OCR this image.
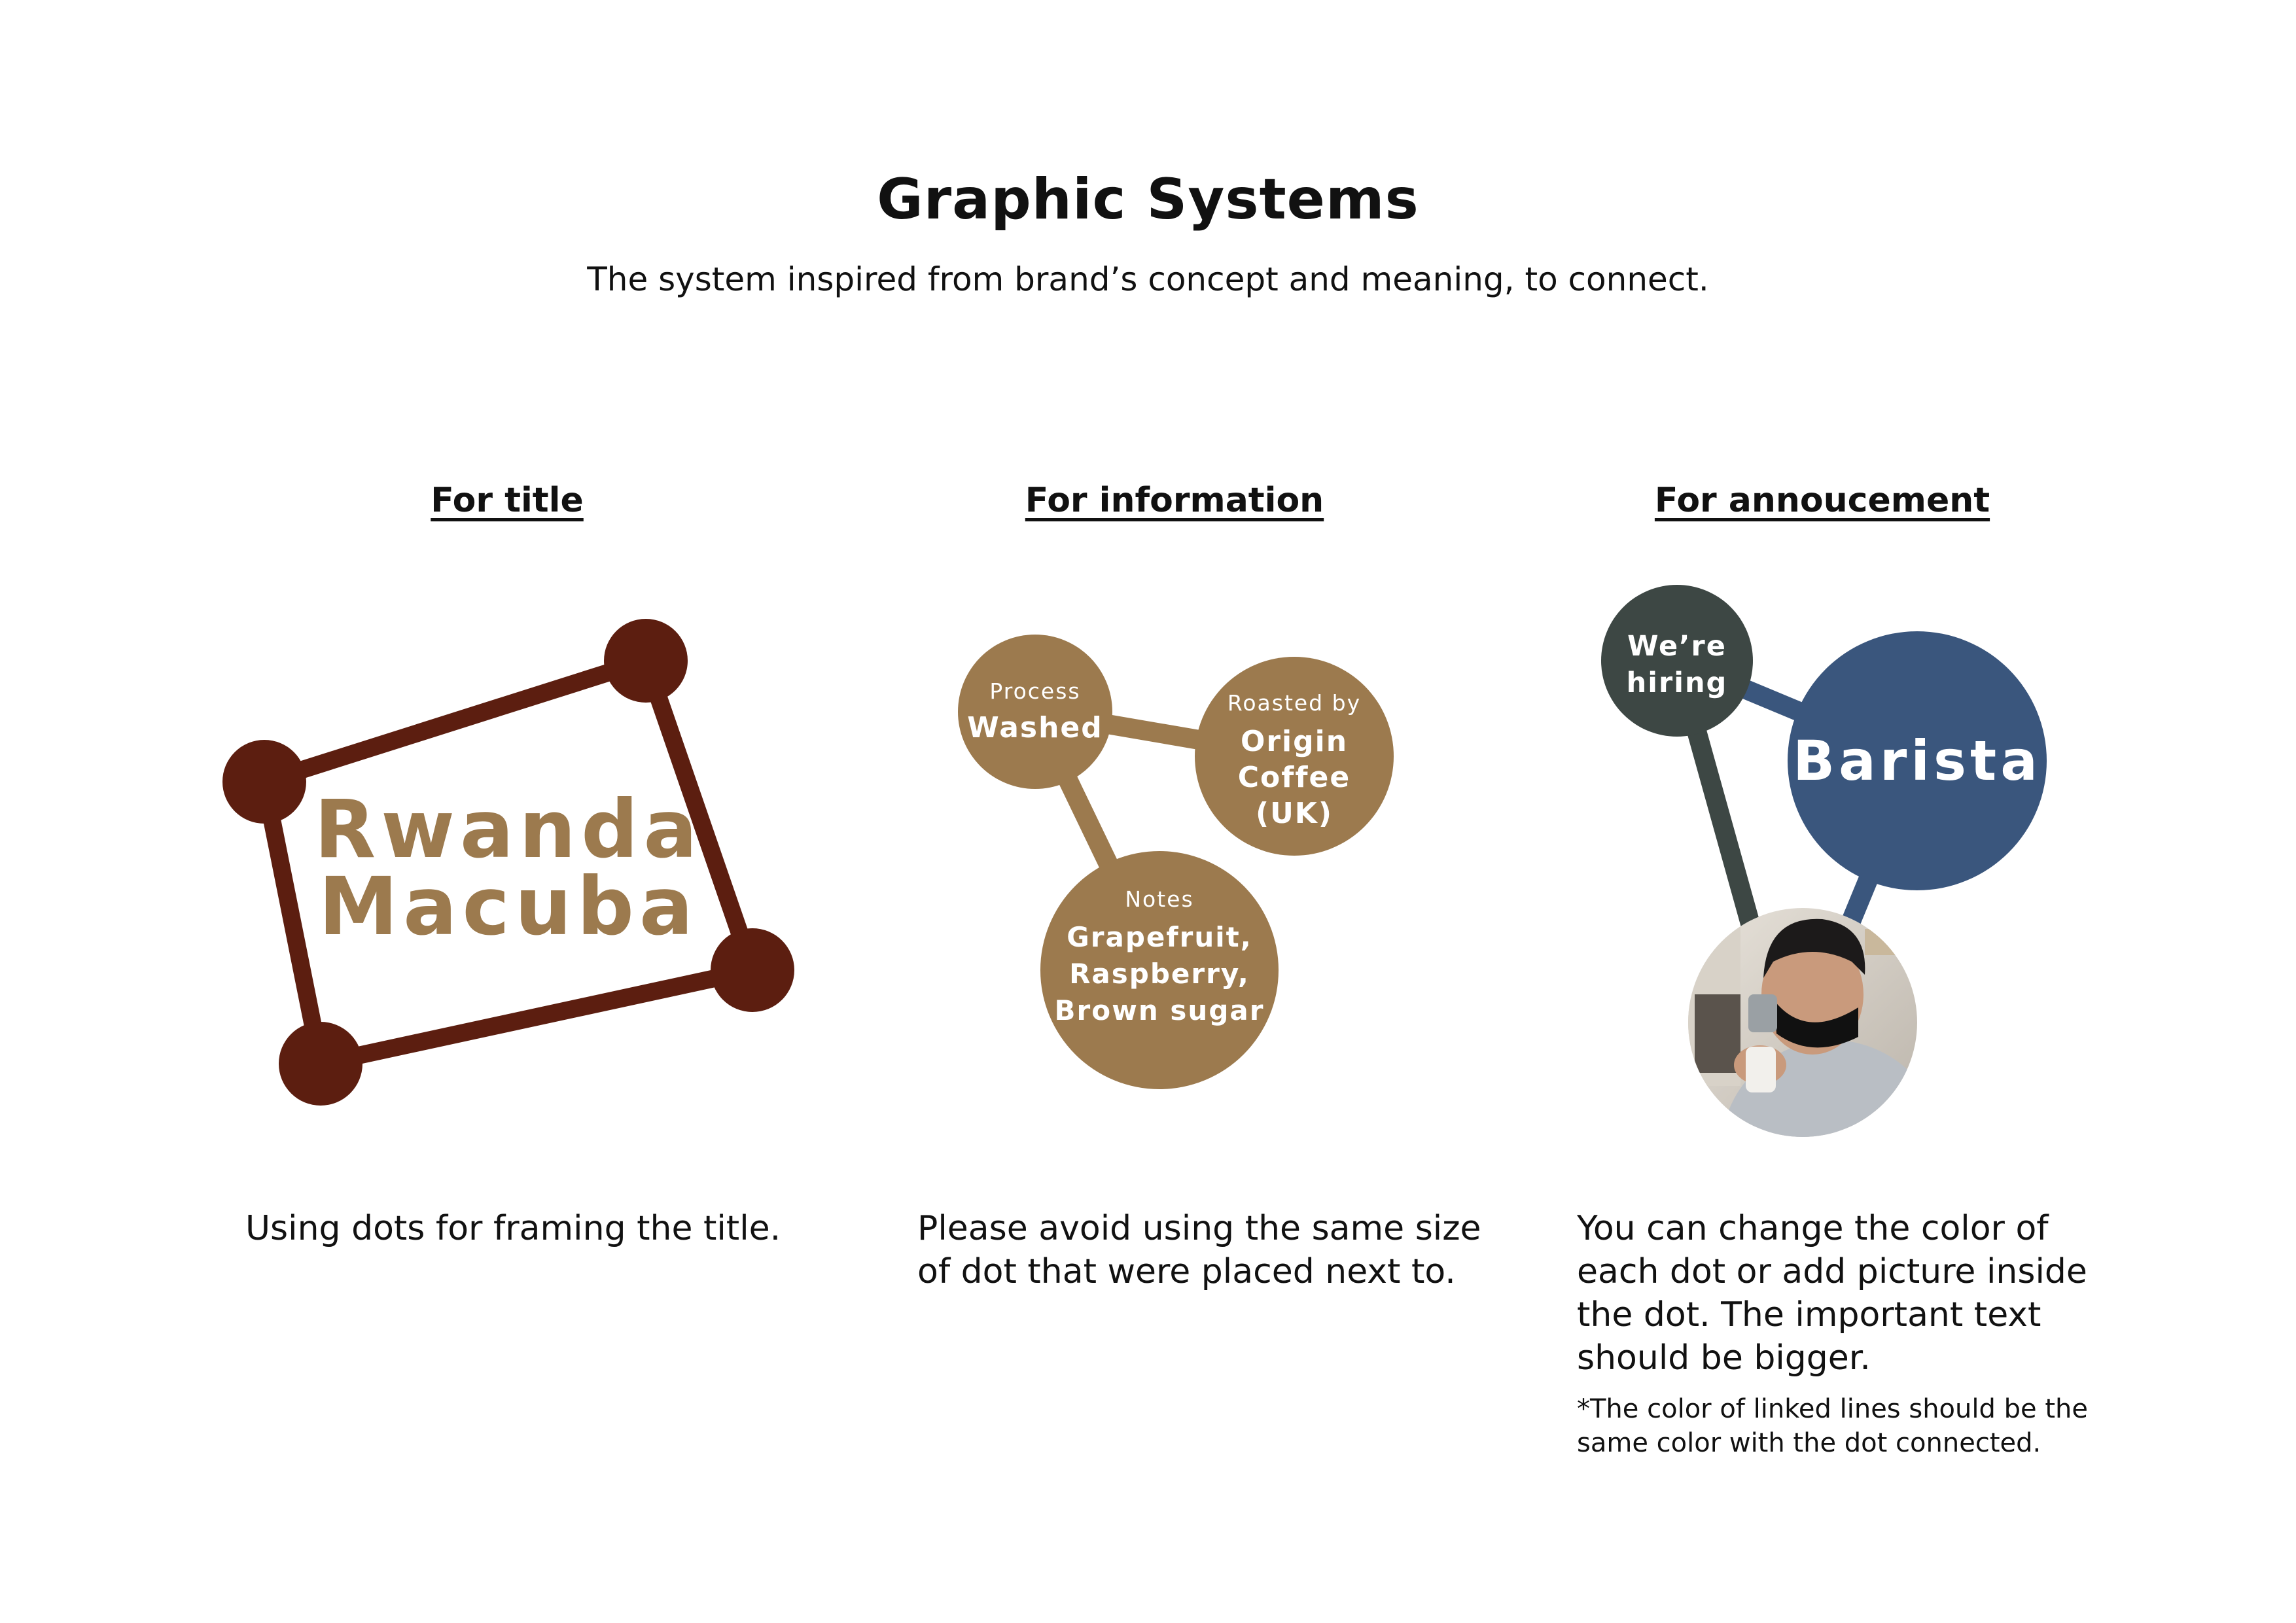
Graphic Systems

The system inspired from brand’s concept and meaning, to connect.

For title	For information	For annoucement
Rwanda
Macuba
Process
Washed
Roasted by
Origin
Coffee
(UK)
Notes
Grapefruit,
Raspberry,
Brown sugar
We’re
hiring
Barista
Using dots for framing the title.	Please avoid using the same size
of dot that were placed next to.
You can change the color of
each dot or add picture inside
the dot. The important text
should be bigger.
*The color of linked lines should be the
same color with the dot connected.
